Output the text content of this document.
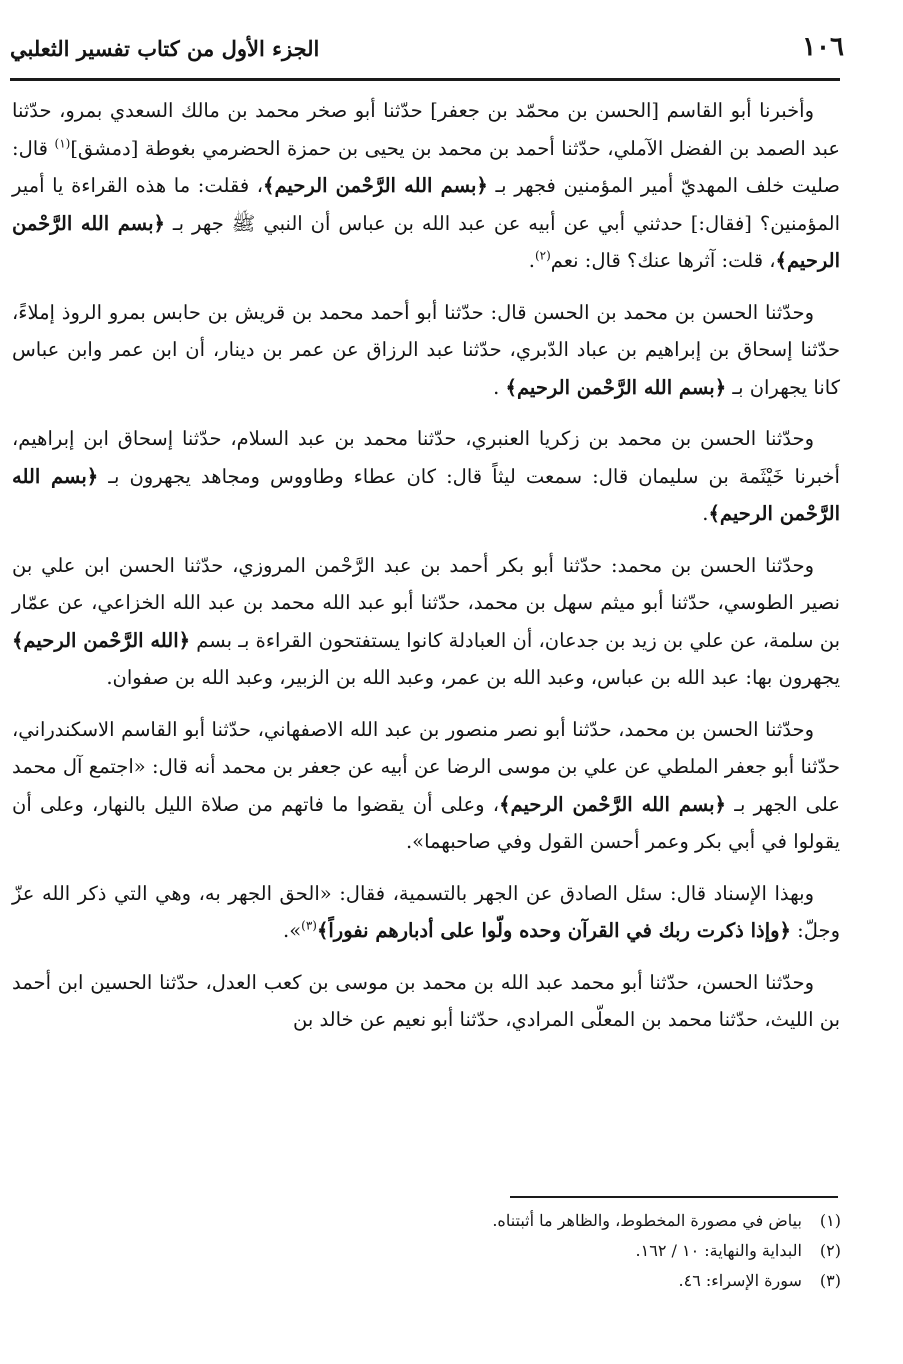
١٠٦
الجزء الأول من كتاب تفسير الثعلبي

وأخبرنا أبو القاسم [الحسن بن محمّد بن جعفر] حدّثنا أبو صخر محمد بن مالك السعدي بمرو، حدّثنا عبد الصمد بن الفضل الآملي، حدّثنا أحمد بن محمد بن يحيى بن حمزة الحضرمي بغوطة [دمشق]$^{(١)}$ قال: صليت خلف المهديّ أمير المؤمنين فجهر بـ ﴿بسم الله الرَّحْمن الرحيم﴾، فقلت: ما هذه القراءة يا أمير المؤمنين؟ [فقال:] حدثني أبي عن أبيه عن عبد الله بن عباس أن النبي ﷺ جهر بـ ﴿بسم الله الرَّحْمن الرحيم﴾، قلت: آثرها عنك؟ قال: نعم$^{(٢)}$.

وحدّثنا الحسن بن محمد بن الحسن قال: حدّثنا أبو أحمد محمد بن قريش بن حابس بمرو الروذ إملاءً، حدّثنا إسحاق بن إبراهيم بن عباد الدّبري، حدّثنا عبد الرزاق عن عمر بن دينار، أن ابن عمر وابن عباس كانا يجهران بـ ﴿بسم الله الرَّحْمن الرحيم﴾ .

وحدّثنا الحسن بن محمد بن زكريا العنبري، حدّثنا محمد بن عبد السلام، حدّثنا إسحاق ابن إبراهيم، أخبرنا خَيْثَمة بن سليمان قال: سمعت ليثاً قال: كان عطاء وطاووس ومجاهد يجهرون بـ ﴿بسم الله الرَّحْمن الرحيم﴾.

وحدّثنا الحسن بن محمد: حدّثنا أبو بكر أحمد بن عبد الرَّحْمن المروزي، حدّثنا الحسن ابن علي بن نصير الطوسي، حدّثنا أبو ميثم سهل بن محمد، حدّثنا أبو عبد الله محمد بن عبد الله الخزاعي، عن عمّار بن سلمة، عن علي بن زيد بن جدعان، أن العبادلة كانوا يستفتحون القراءة بـ بسم ﴿الله الرَّحْمن الرحيم﴾ يجهرون بها: عبد الله بن عباس، وعبد الله بن عمر، وعبد الله بن الزبير، وعبد الله بن صفوان.

وحدّثنا الحسن بن محمد، حدّثنا أبو نصر منصور بن عبد الله الاصفهاني، حدّثنا أبو القاسم الاسكندراني، حدّثنا أبو جعفر الملطي عن علي بن موسى الرضا عن أبيه عن جعفر بن محمد أنه قال: «اجتمع آل محمد على الجهر بـ ﴿بسم الله الرَّحْمن الرحيم﴾، وعلى أن يقضوا ما فاتهم من صلاة الليل بالنهار، وعلى أن يقولوا في أبي بكر وعمر أحسن القول وفي صاحبهما».

وبهذا الإسناد قال: سئل الصادق عن الجهر بالتسمية، فقال: «الحق الجهر به، وهي التي ذكر الله عزّ وجلّ: ﴿وإذا ذكرت ربك في القرآن وحده ولّوا على أدبارهم نفوراً﴾$^{(٣)}$».

وحدّثنا الحسن، حدّثنا أبو محمد عبد الله بن محمد بن موسى بن كعب العدل، حدّثنا الحسين ابن أحمد بن الليث، حدّثنا محمد بن المعلّى المرادي، حدّثنا أبو نعيم عن خالد بن

(١) بياض في مصورة المخطوط، والظاهر ما أثبتناه.
(٢) البداية والنهاية: ١٠ / ١٦٢.
(٣) سورة الإسراء: ٤٦.
